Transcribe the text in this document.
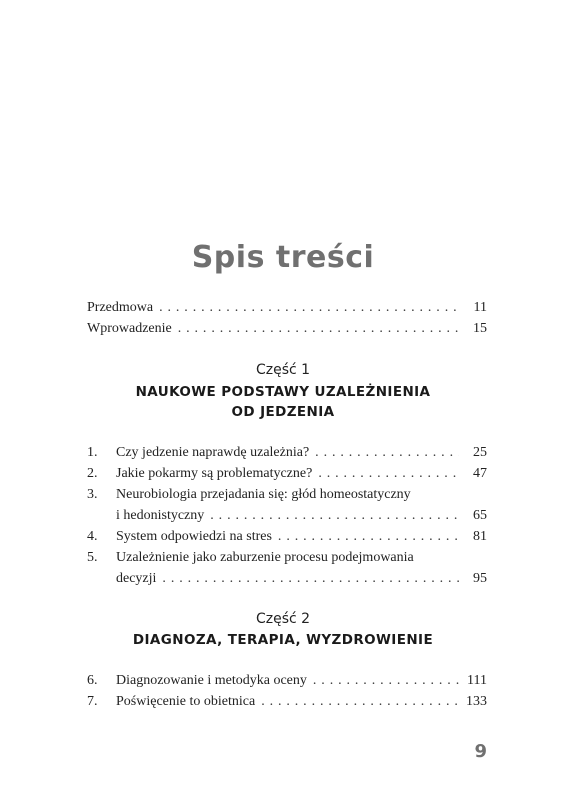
Spis treści
Przedmowa . . .	11
Wprowadzenie . . .	15
Część 1
NAUKOWE PODSTAWY UZALEŻNIENIA
OD JEDZENIA
1.	Czy jedzenie naprawdę uzależnia? . . .	25
2.	Jakie pokarmy są problematyczne? . . .	47
3.	Neurobiologia przejadania się: głód homeostatyczny
i hedonistyczny . . .	65
4.	System odpowiedzi na stres . . .	81
5.	Uzależnienie jako zaburzenie procesu podejmowania
decyzji . . .	95
Część 2
DIAGNOZA, TERAPIA, WYZDROWIENIE
6.	Diagnozowanie i metodyka oceny . . .	111
7.	Poświęcenie to obietnica . . .	133
9
